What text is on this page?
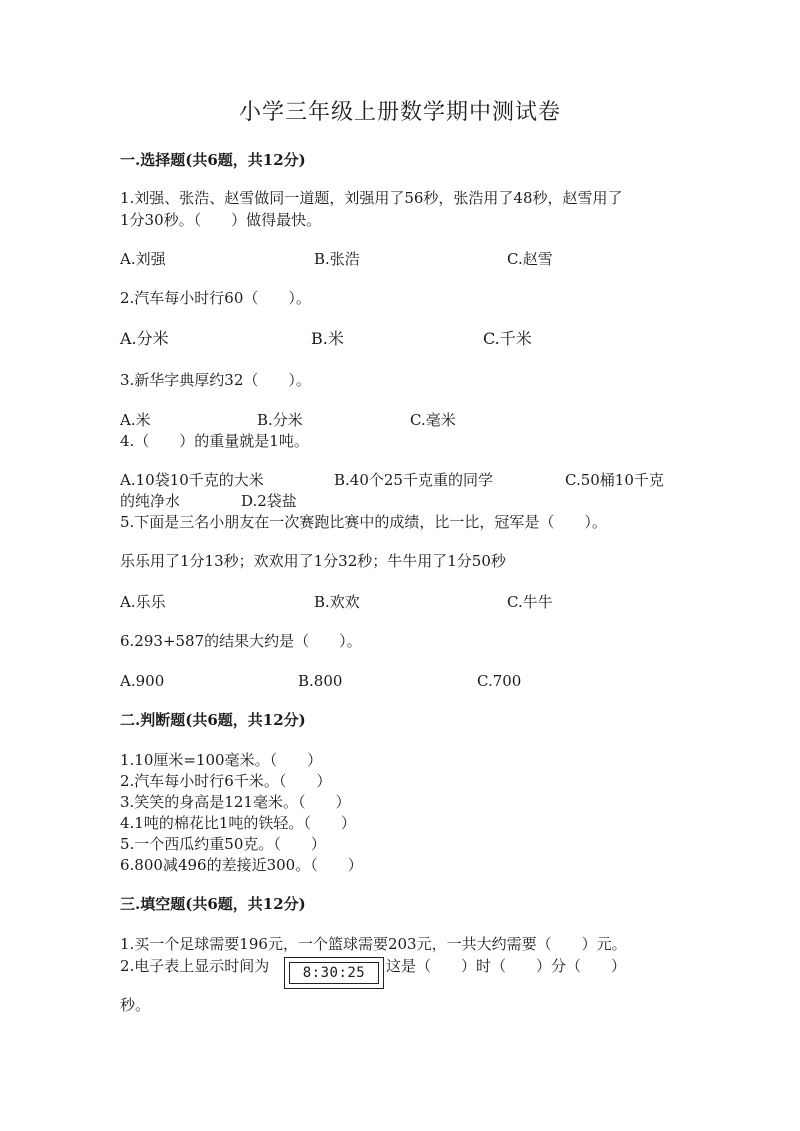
小学三年级上册数学期中测试卷
一.选择题(共6题，共12分)
1.刘强、张浩、赵雪做同一道题，刘强用了56秒，张浩用了48秒，赵雪用了
1分30秒。（　　）做得最快。
A.刘强	B.张浩	C.赵雪
2.汽车每小时行60（　　）。
A.分米	B.米	C.千米
3.新华字典厚约32（　　）。
A.米	B.分米	C.毫米
4.（　　）的重量就是1吨。
A.10袋10千克的大米	B.40个25千克重的同学	C.50桶10千克
的纯净水	D.2袋盐
5.下面是三名小朋友在一次赛跑比赛中的成绩，比一比，冠军是（　　）。
乐乐用了1分13秒；欢欢用了1分32秒；牛牛用了1分50秒
A.乐乐	B.欢欢	C.牛牛
6.293+587的结果大约是（　　）。
A.900	B.800	C.700
二.判断题(共6题，共12分)
1.10厘米=100毫米。（　　）
2.汽车每小时行6千米。（　　）
3.笑笑的身高是121毫米。（　　）
4.1吨的棉花比1吨的铁轻。（　　）
5.一个西瓜约重50克。（　　）
6.800减496的差接近300。（　　）
三.填空题(共6题，共12分)
1.买一个足球需要196元，一个篮球需要203元，一共大约需要（　　）元。
2.电子表上显示时间为	8:30:25	这是（　　）时（　　）分（　　）
秒。
